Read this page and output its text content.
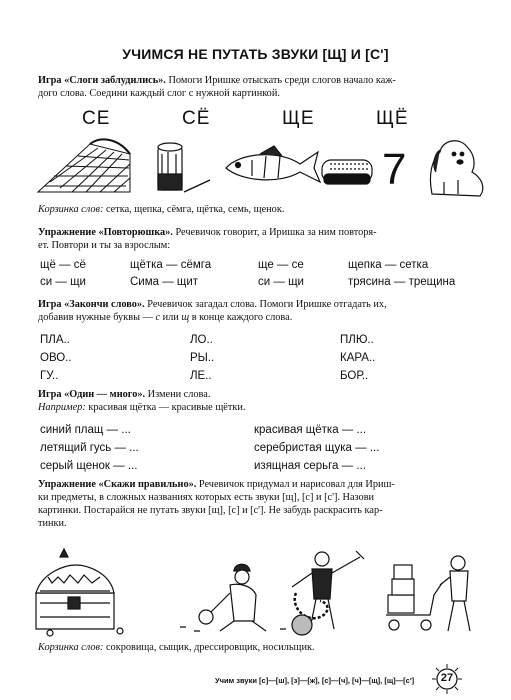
УЧИМСЯ НЕ ПУТАТЬ ЗВУКИ [Щ] И [С']
Игра «Слоги заблудились». Помоги Иришке отыскать среди слогов начало каж-
дого слова. Соедини каждый слог с нужной картинкой.
СЕ	СЁ	ЩЕ	ЩЁ
7
Корзинка слов: сетка, щепка, сёмга, щётка, семь, щенок.
Упражнение «Повторюшка». Речевичок говорит, а Иришка за ним повторя-
ет. Повтори и ты за взрослым:
щё — сё	щётка — сёмга	ще — се	щепка — сетка
си — щи	Сима — щит	си — щи	трясина — трещина
Игра «Закончи слово». Речевичок загадал слова. Помоги Иришке отгадать их,
добавив нужные буквы — с или щ в конце каждого слова.
ПЛА..	ЛО..	ПЛЮ..
ОВО..	РЫ..	КАРА..
ГУ..	ЛЕ..	БОР..
Игра «Один — много». Измени слова.
Например: красивая щётка — красивые щётки.
синий плащ — ...	красивая щётка — ...
летящий гусь — ...	серебристая щука — ...
серый щенок — ...	изящная серьга — ...
Упражнение «Скажи правильно». Речевичок придумал и нарисовал для Ириш-
ки предметы, в сложных названиях которых есть звуки [щ], [с] и [с']. Назови
картинки. Постарайся не путать звуки [щ], [с] и [с']. Не забудь раскрасить кар-
тинки.
Корзинка слов: сокровища, сыщик, дрессировщик, носильщик.
Учим звуки [с]—[ш], [з]—[ж], [с]—[ч], [ч]—[щ], [щ]—[с']	27
